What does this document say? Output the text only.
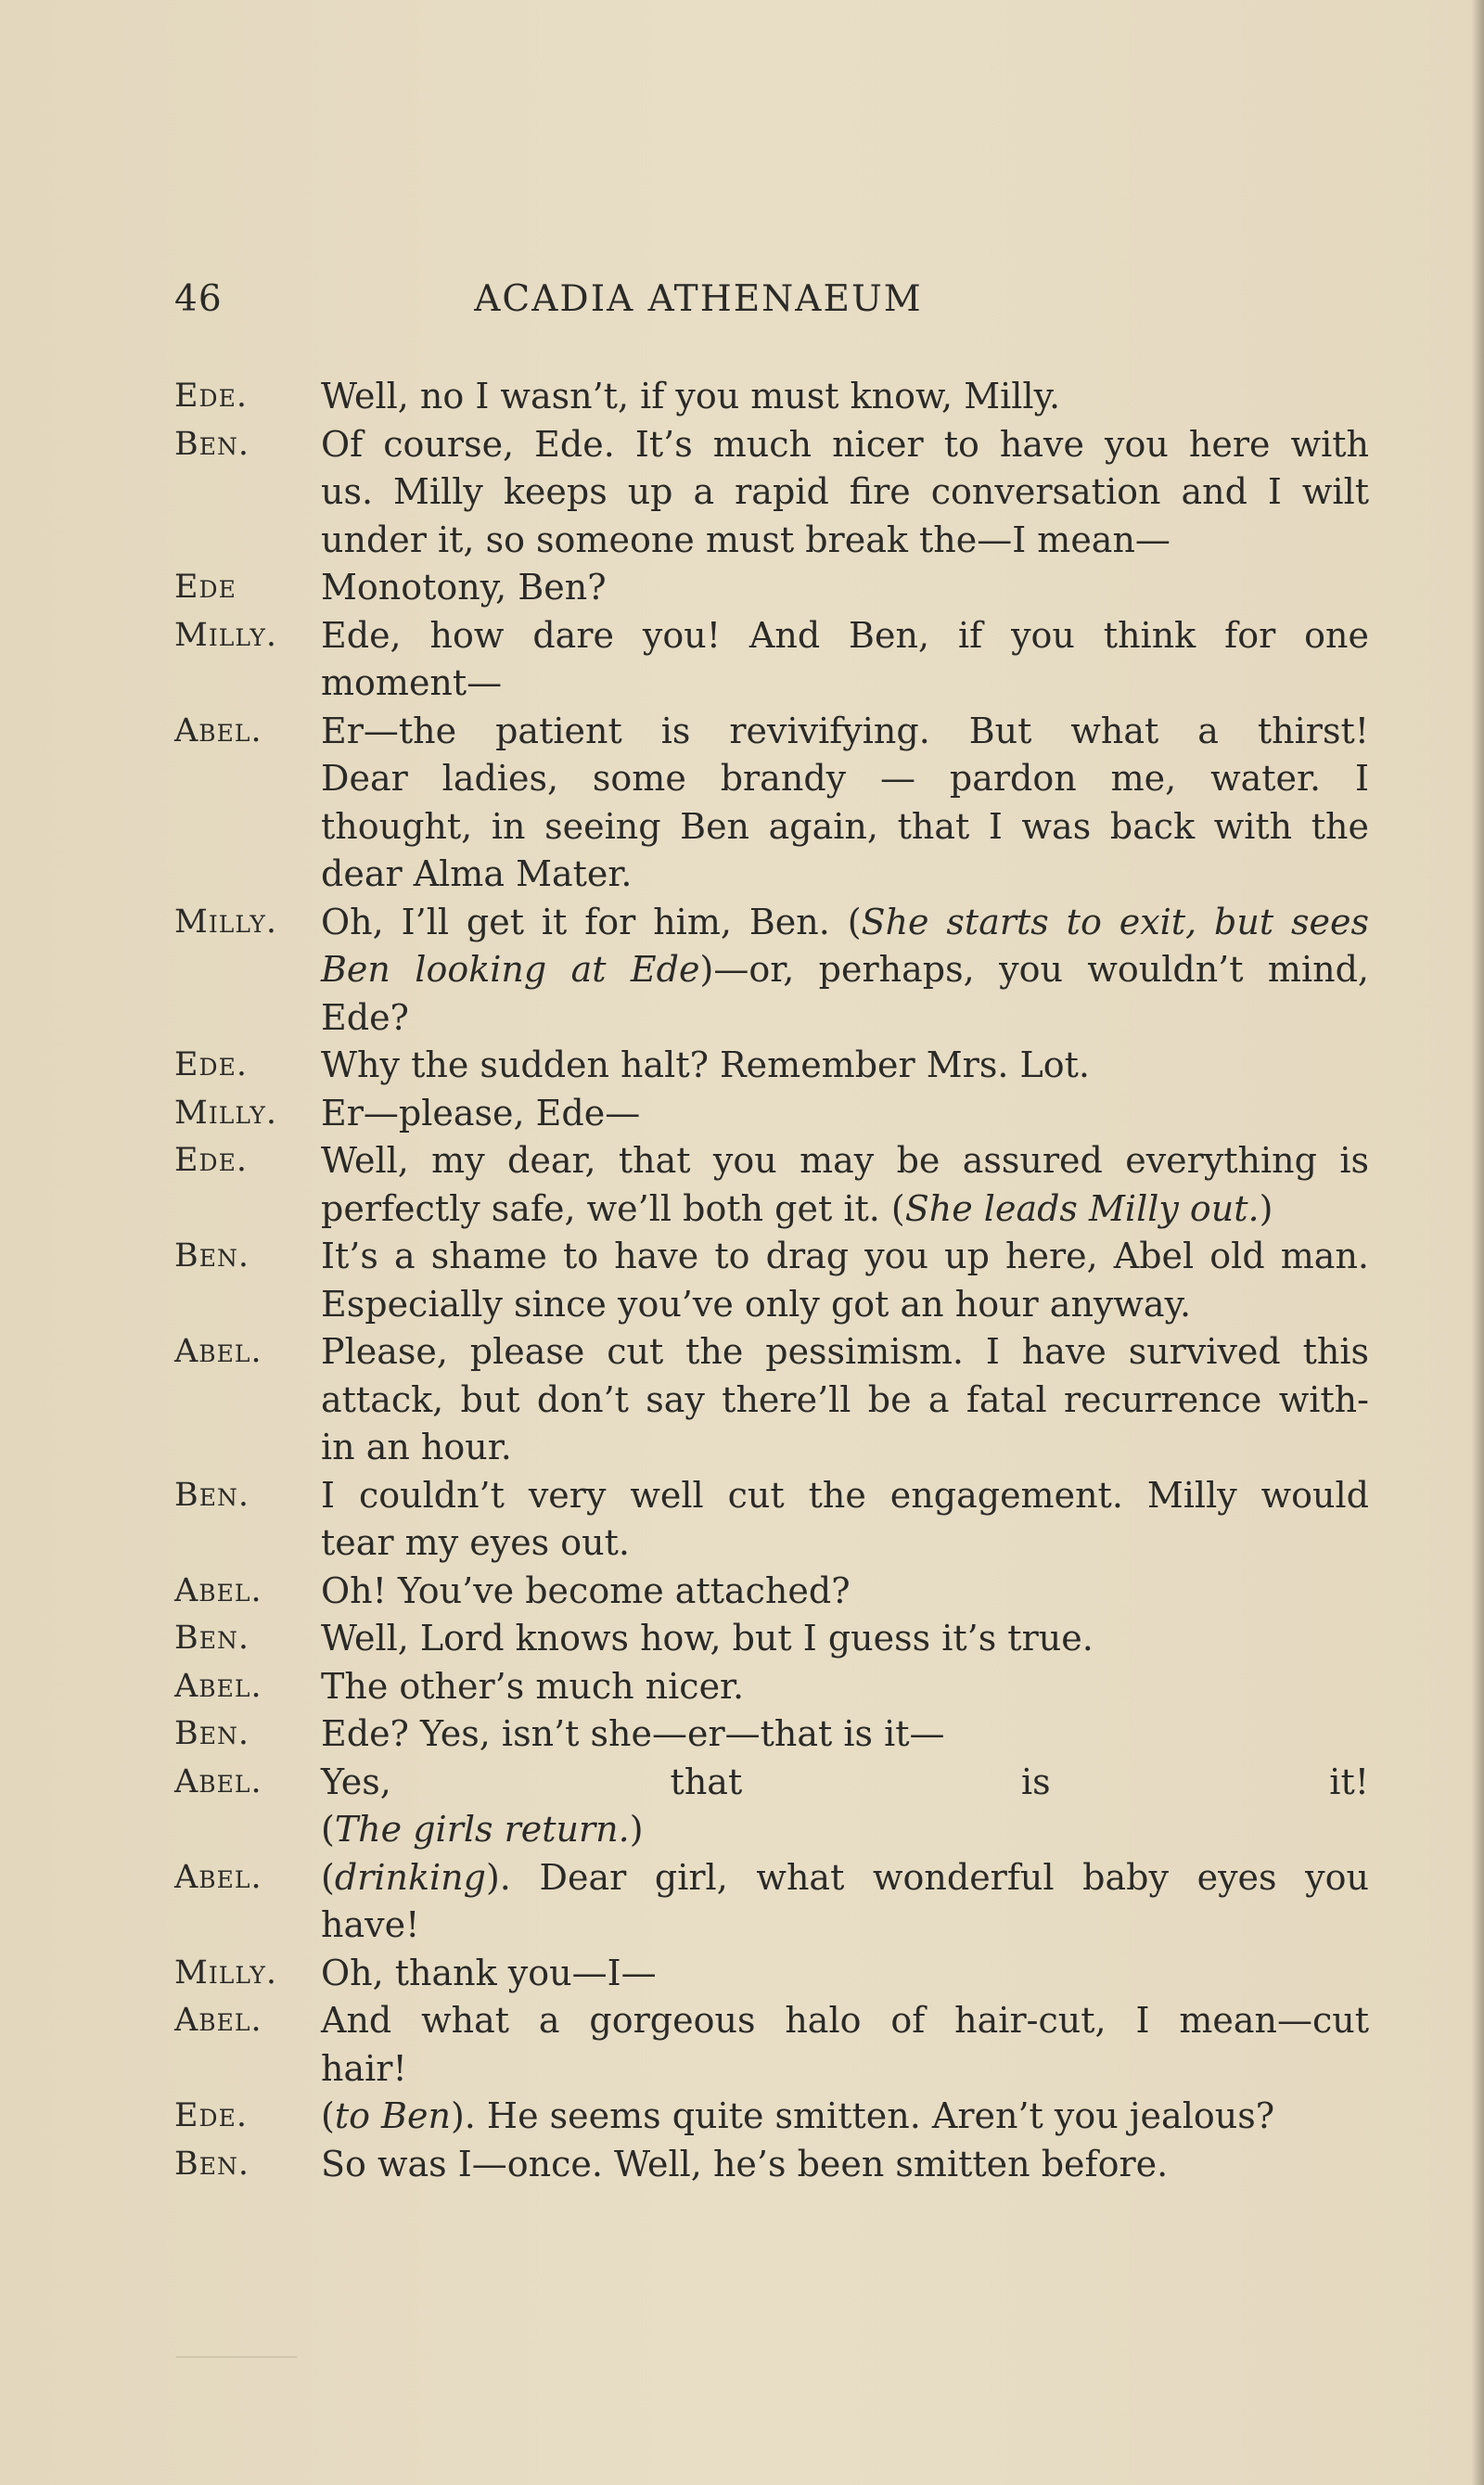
46	ACADIA ATHENAEUM
Ede.	Well, no I wasn’t, if you must know, Milly.
Ben.	Of course, Ede. It’s much nicer to have you here with
us. Milly keeps up a rapid fire conversation and I wilt
under it, so someone must break the—I mean—
Ede	Monotony, Ben?
Milly.	Ede, how dare you! And Ben, if you think for one
moment—
Abel.	Er—the patient is revivifying. But what a thirst!
Dear ladies, some brandy — pardon me, water. I
thought, in seeing Ben again, that I was back with the
dear Alma Mater.
Milly.	Oh, I’ll get it for him, Ben. (She starts to exit, but sees
Ben looking at Ede)—or, perhaps, you wouldn’t mind,
Ede?
Ede.	Why the sudden halt? Remember Mrs. Lot.
Milly.	Er—please, Ede—
Ede.	Well, my dear, that you may be assured everything is
perfectly safe, we’ll both get it. (She leads Milly out.)
Ben.	It’s a shame to have to drag you up here, Abel old man.
Especially since you’ve only got an hour anyway.
Abel.	Please, please cut the pessimism. I have survived this
attack, but don’t say there’ll be a fatal recurrence with-
in an hour.
Ben.	I couldn’t very well cut the engagement. Milly would
tear my eyes out.
Abel.	Oh! You’ve become attached?
Ben.	Well, Lord knows how, but I guess it’s true.
Abel.	The other’s much nicer.
Ben.	Ede? Yes, isn’t she—er—that is it—
Abel.	Yes, that is it!
(The girls return.)
Abel.	(drinking). Dear girl, what wonderful baby eyes you
have!
Milly.	Oh, thank you—I—
Abel.	And what a gorgeous halo of hair-cut, I mean—cut
hair!
Ede.	(to Ben). He seems quite smitten. Aren’t you jealous?
Ben.	So was I—once. Well, he’s been smitten before.
